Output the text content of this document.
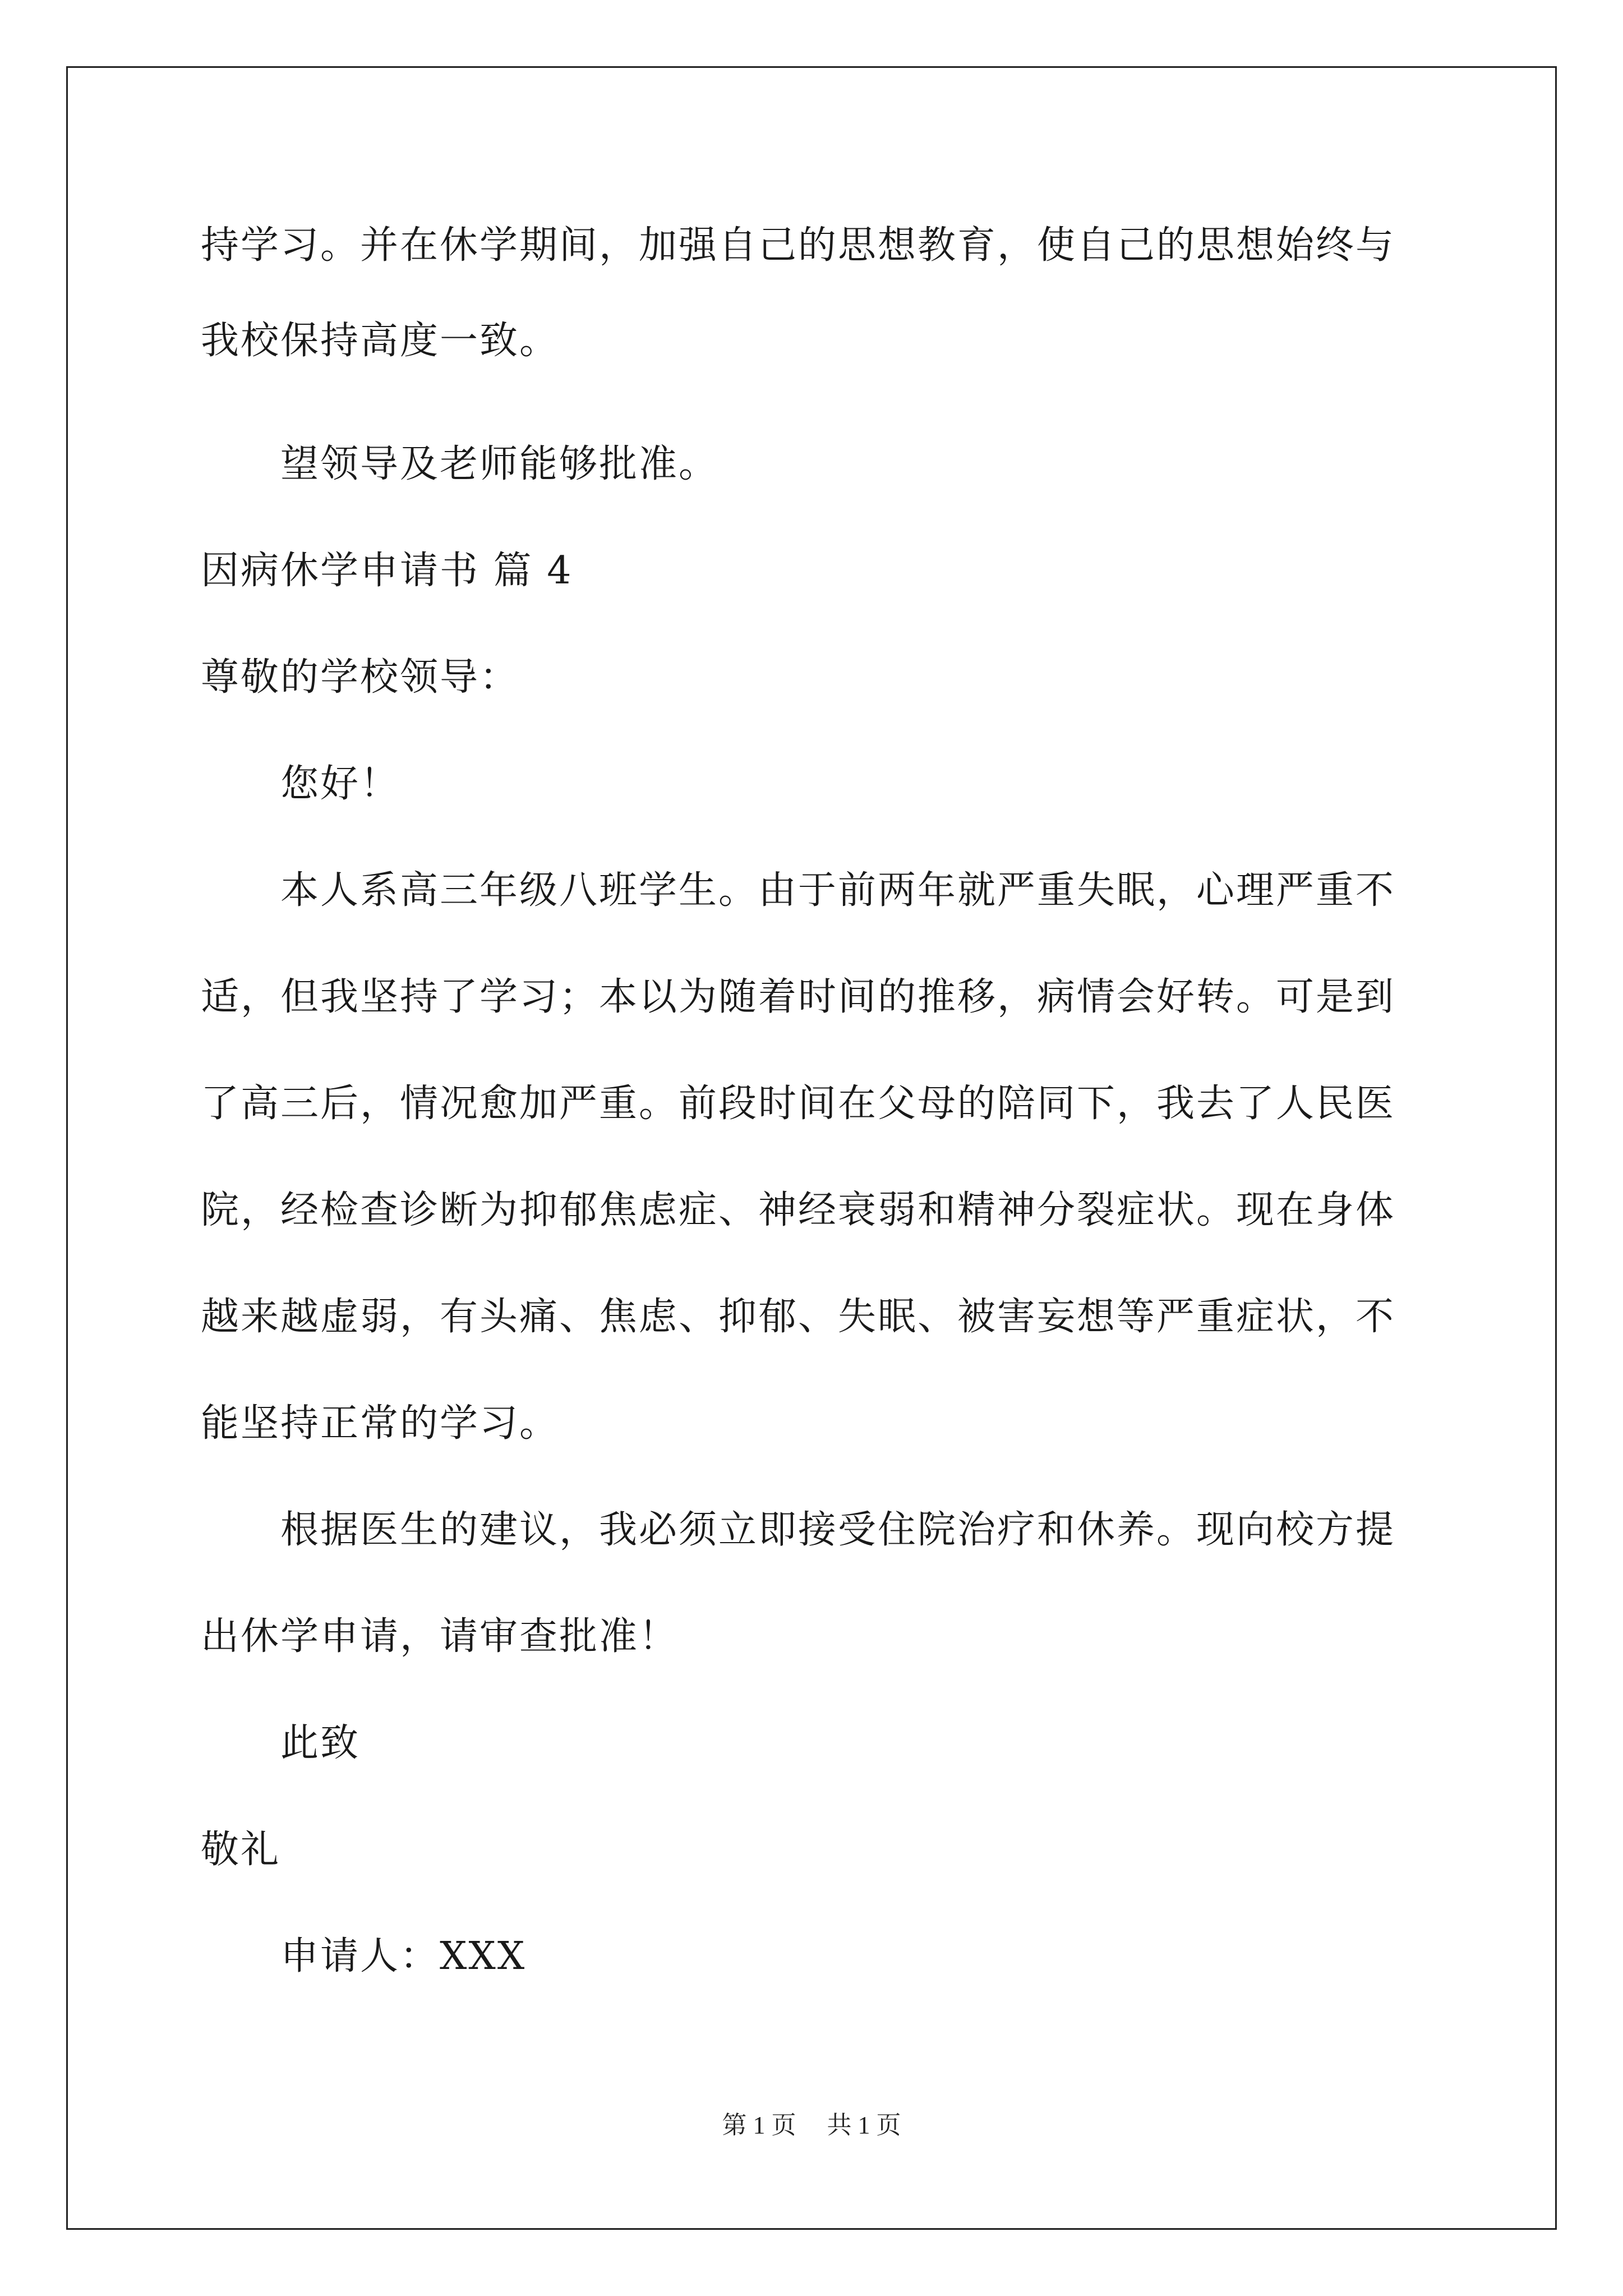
持学习。并在休学期间，加强自己的思想教育，使自己的思想始终与
我校保持高度一致。
望领导及老师能够批准。
因病休学申请书 篇 4
尊敬的学校领导：
您好！
本人系高三年级八班学生。由于前两年就严重失眠，心理严重不
适，但我坚持了学习；本以为随着时间的推移，病情会好转。可是到
了高三后，情况愈加严重。前段时间在父母的陪同下，我去了人民医
院，经检查诊断为抑郁焦虑症、神经衰弱和精神分裂症状。现在身体
越来越虚弱，有头痛、焦虑、抑郁、失眠、被害妄想等严重症状，不
能坚持正常的学习。
根据医生的建议，我必须立即接受住院治疗和休养。现向校方提
出休学申请，请审查批准！
此致
敬礼
申请人：XXX
第 1 页　 共 1 页
